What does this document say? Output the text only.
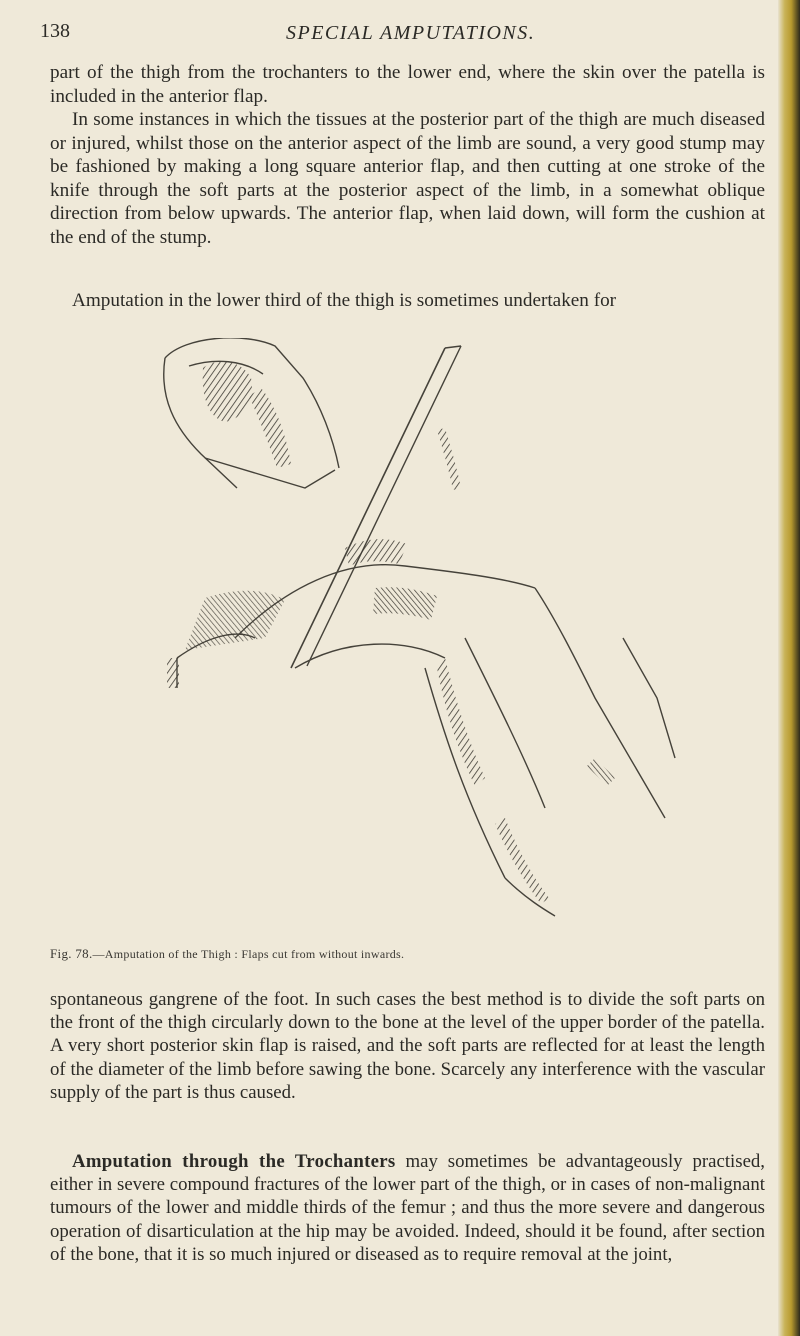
138	SPECIAL AMPUTATIONS.

part of the thigh from the trochanters to the lower end, where the skin over the patella is included in the anterior flap.

In some instances in which the tissues at the posterior part of the thigh are much diseased or injured, whilst those on the anterior aspect of the limb are sound, a very good stump may be fashioned by making a long square anterior flap, and then cutting at one stroke of the knife through the soft parts at the posterior aspect of the limb, in a somewhat oblique direction from below upwards. The anterior flap, when laid down, will form the cushion at the end of the stump.

Amputation in the lower third of the thigh is sometimes undertaken for

Fig. 78.—Amputation of the Thigh : Flaps cut from without inwards.

spontaneous gangrene of the foot. In such cases the best method is to divide the soft parts on the front of the thigh circularly down to the bone at the level of the upper border of the patella. A very short posterior skin flap is raised, and the soft parts are reflected for at least the length of the diameter of the limb before sawing the bone. Scarcely any interference with the vascular supply of the part is thus caused.

Amputation through the Trochanters may sometimes be advantageously practised, either in severe compound fractures of the lower part of the thigh, or in cases of non-malignant tumours of the lower and middle thirds of the femur ; and thus the more severe and dangerous operation of disarticulation at the hip may be avoided. Indeed, should it be found, after section of the bone, that it is so much injured or diseased as to require removal at the joint,
